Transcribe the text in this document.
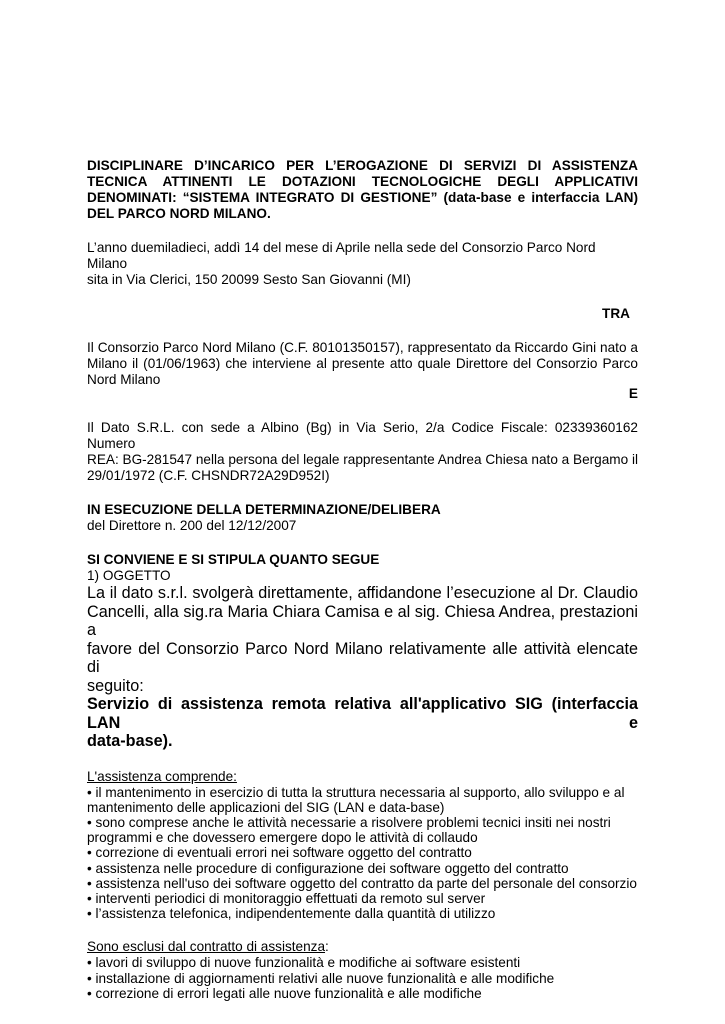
DISCIPLINARE D’INCARICO PER L’EROGAZIONE DI SERVIZI DI ASSISTENZA

TECNICA ATTINENTI LE DOTAZIONI TECNOLOGICHE DEGLI APPLICATIVI

DENOMINATI: “SISTEMA INTEGRATO DI GESTIONE” (data-base e interfaccia LAN)

DEL PARCO NORD MILANO.

L’anno duemiladieci, addì 14 del mese di Aprile nella sede del Consorzio Parco Nord Milano

sita in Via Clerici, 150 20099 Sesto San Giovanni (MI)

TRA

Il Consorzio Parco Nord Milano (C.F. 80101350157), rappresentato da Riccardo Gini nato a

Milano il (01/06/1963) che interviene al presente atto quale Direttore del Consorzio Parco

Nord Milano

E

Il Dato S.R.L. con sede a Albino (Bg) in Via Serio, 2/a Codice Fiscale: 02339360162 Numero

REA: BG-281547 nella persona del legale rappresentante Andrea Chiesa nato a Bergamo il

29/01/1972 (C.F. CHSNDR72A29D952I)

IN ESECUZIONE DELLA DETERMINAZIONE/DELIBERA

del Direttore n. 200 del 12/12/2007

SI CONVIENE E SI STIPULA QUANTO SEGUE

1) OGGETTO

La il dato s.r.l. svolgerà direttamente, affidandone l’esecuzione al Dr. Claudio

Cancelli, alla sig.ra Maria Chiara Camisa e al sig. Chiesa Andrea, prestazioni a

favore del Consorzio Parco Nord Milano relativamente alle attività elencate di

seguito:

Servizio di assistenza remota relativa all'applicativo SIG (interfaccia LAN e

data-base).

L'assistenza comprende:

• il mantenimento in esercizio di tutta la struttura necessaria al supporto, allo sviluppo e al
mantenimento delle applicazioni del SIG (LAN e data-base)
• sono comprese anche le attività necessarie a risolvere problemi tecnici insiti nei nostri
programmi e che dovessero emergere dopo le attività di collaudo
• correzione di eventuali errori nei software oggetto del contratto
• assistenza nelle procedure di configurazione dei software oggetto del contratto
• assistenza nell'uso dei software oggetto del contratto da parte del personale del consorzio
• interventi periodici di monitoraggio effettuati da remoto sul server
• l’assistenza telefonica, indipendentemente dalla quantità di utilizzo

Sono esclusi dal contratto di assistenza:

• lavori di sviluppo di nuove funzionalità e modifiche ai software esistenti
• installazione di aggiornamenti relativi alle nuove funzionalità e alle modifiche
• correzione di errori legati alle nuove funzionalità e alle modifiche
